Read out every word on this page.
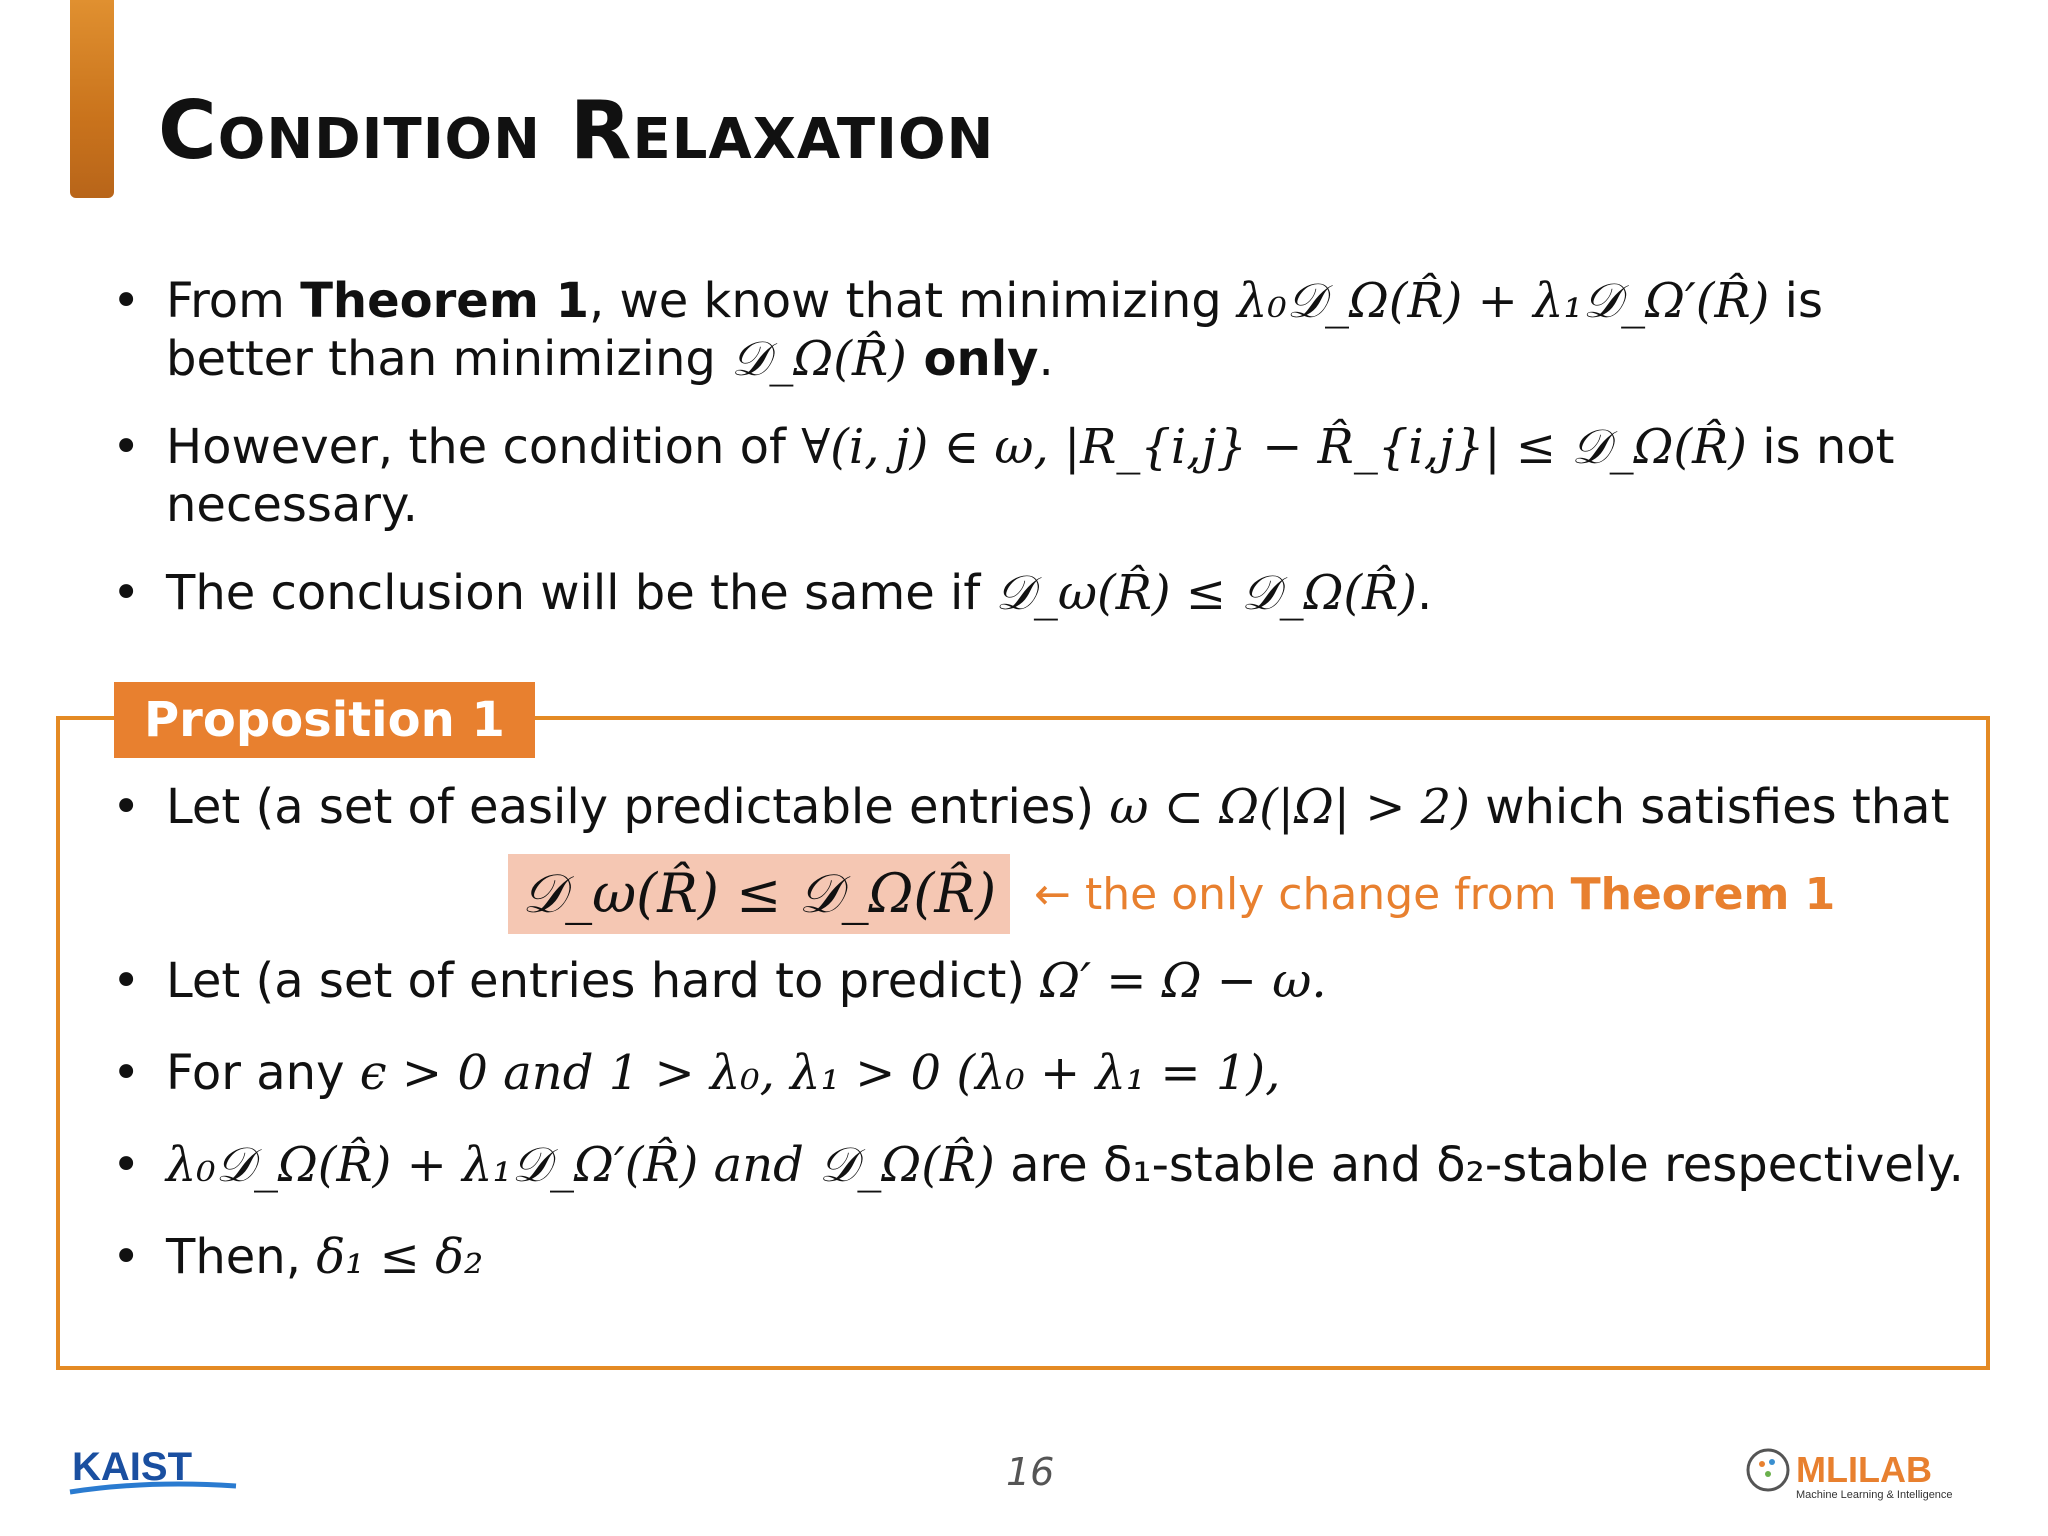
Condition Relaxation
• From Theorem 1, we know that minimizing λ₀𝒟_Ω(R̂) + λ₁𝒟_Ω′(R̂) is better than minimizing 𝒟_Ω(R̂) only.
• However, the condition of ∀(i, j) ∈ ω, |R_{i,j} − R̂_{i,j}| ≤ 𝒟_Ω(R̂) is not necessary.
• The conclusion will be the same if 𝒟_ω(R̂) ≤ 𝒟_Ω(R̂).
Proposition 1
• Let (a set of easily predictable entries) ω ⊂ Ω(|Ω| > 2) which satisfies that
• Let (a set of entries hard to predict) Ω′ = Ω − ω.
• For any ϵ > 0 and 1 > λ₀, λ₁ > 0 (λ₀ + λ₁ = 1),
• λ₀𝒟_Ω(R̂) + λ₁𝒟_Ω′(R̂) and 𝒟_Ω(R̂) are δ₁-stable and δ₂-stable respectively.
• Then, δ₁ ≤ δ₂
𝒟_ω(R̂) ≤ 𝒟_Ω(R̂) ← the only change from Theorem 1
KAIST	16	MLILAB
Machine Learning & Intelligence
